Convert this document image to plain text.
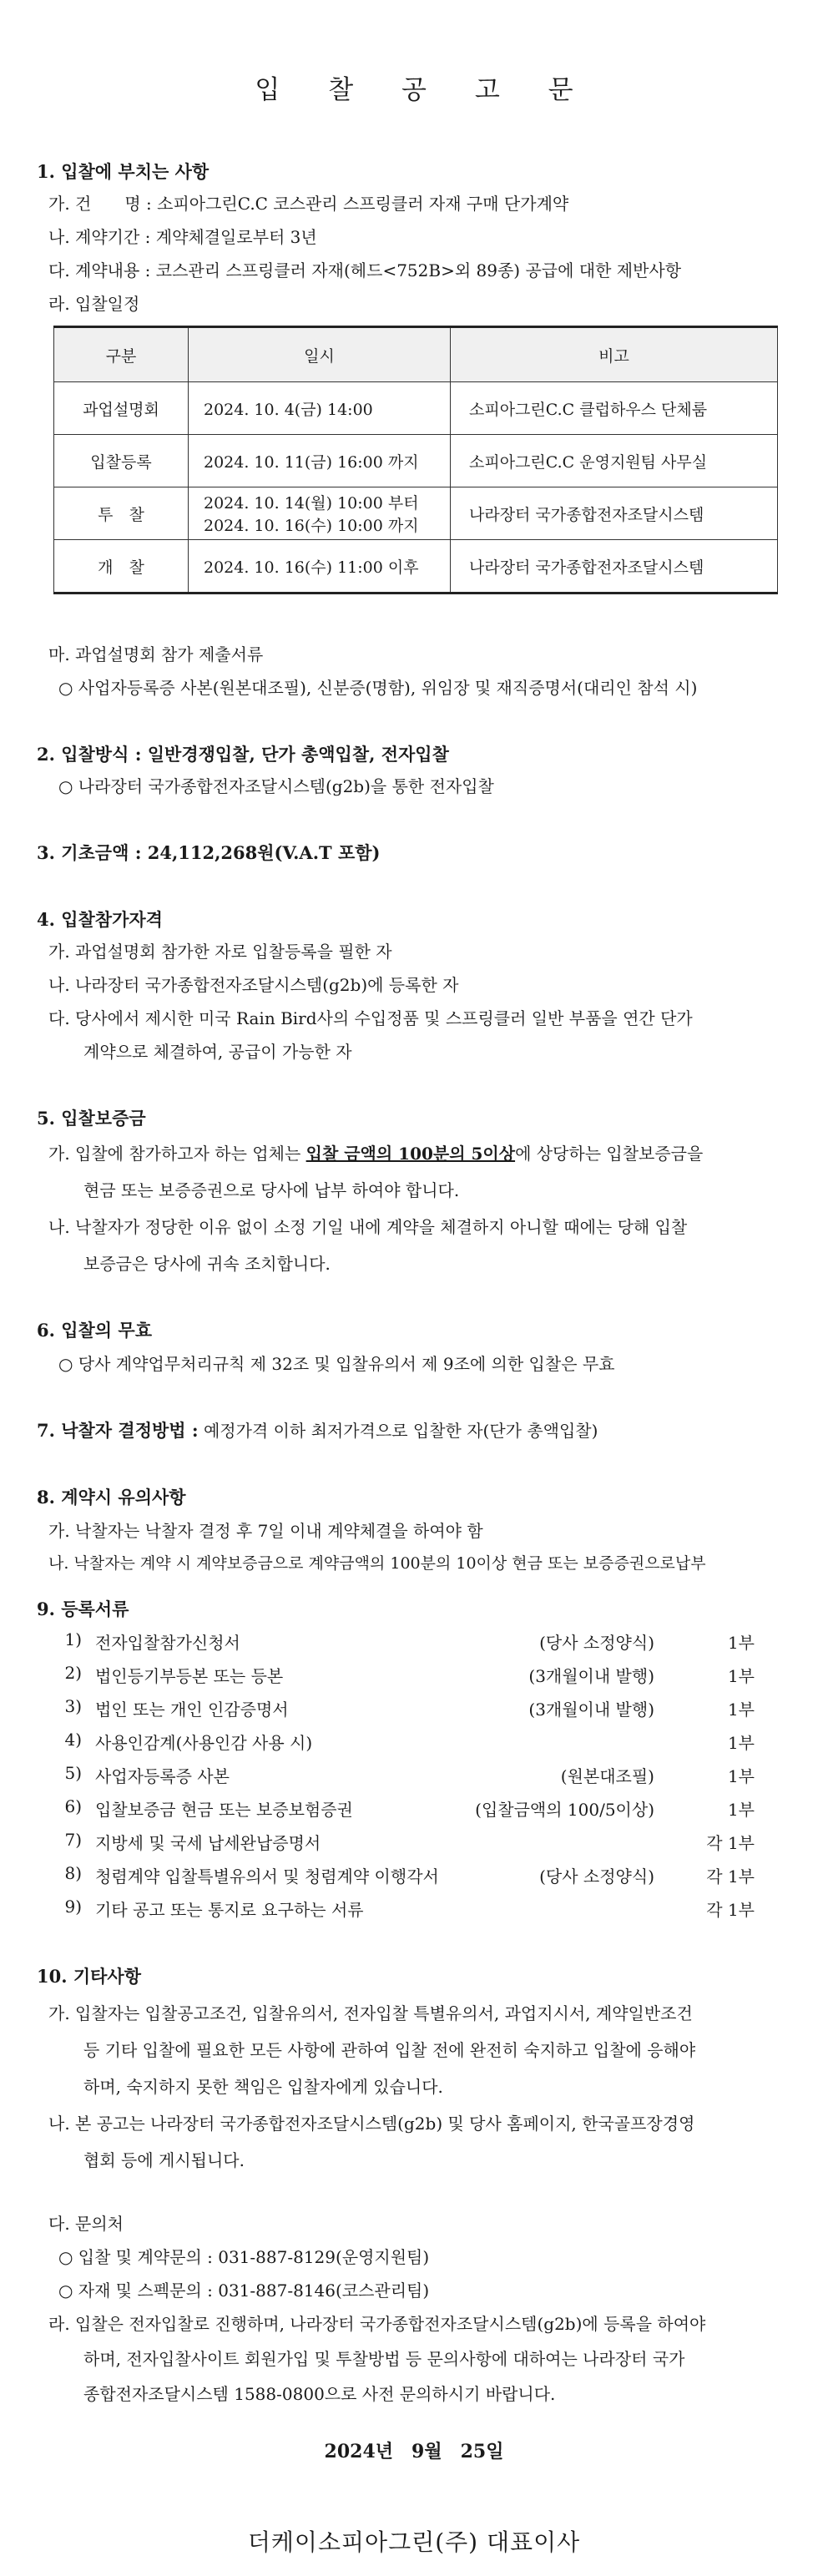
입 찰 공 고 문
1. 입찰에 부치는 사항
가. 건　　명 : 소피아그린C.C 코스관리 스프링클러 자재 구매 단가계약
나. 계약기간 : 계약체결일로부터 3년
다. 계약내용 : 코스관리 스프링클러 자재(헤드<752B>외 89종) 공급에 대한 제반사항
라. 입찰일정
구분	일시	비고
과업설명회	2024. 10. 4(금) 14:00	소피아그린C.C 클럽하우스 단체룸
입찰등록	2024. 10. 11(금) 16:00 까지	소피아그린C.C 운영지원팀 사무실
투　찰	2024. 10. 14(월) 10:00 부터
2024. 10. 16(수) 10:00 까지	나라장터 국가종합전자조달시스템
개　찰	2024. 10. 16(수) 11:00 이후	나라장터 국가종합전자조달시스템
마. 과업설명회 참가 제출서류
○ 사업자등록증 사본(원본대조필), 신분증(명함), 위임장 및 재직증명서(대리인 참석 시)
2. 입찰방식 : 일반경쟁입찰, 단가 총액입찰, 전자입찰
○ 나라장터 국가종합전자조달시스템(g2b)을 통한 전자입찰
3. 기초금액 : 24,112,268원(V.A.T 포함)
4. 입찰참가자격
가. 과업설명회 참가한 자로 입찰등록을 필한 자
나. 나라장터 국가종합전자조달시스템(g2b)에 등록한 자
다. 당사에서 제시한 미국 Rain Bird사의 수입정품 및 스프링클러 일반 부품을 연간 단가
계약으로 체결하여, 공급이 가능한 자
5. 입찰보증금
가. 입찰에 참가하고자 하는 업체는 입찰 금액의 100분의 5이상에 상당하는 입찰보증금을
현금 또는 보증증권으로 당사에 납부 하여야 합니다.
나. 낙찰자가 정당한 이유 없이 소정 기일 내에 계약을 체결하지 아니할 때에는 당해 입찰
보증금은 당사에 귀속 조치합니다.
6. 입찰의 무효
○ 당사 계약업무처리규칙 제 32조 및 입찰유의서 제 9조에 의한 입찰은 무효
7. 낙찰자 결정방법 : 예정가격 이하 최저가격으로 입찰한 자(단가 총액입찰)
8. 계약시 유의사항
가. 낙찰자는 낙찰자 결정 후 7일 이내 계약체결을 하여야 함
나. 낙찰자는 계약 시 계약보증금으로 계약금액의 100분의 10이상 현금 또는 보증증권으로납부
9. 등록서류
1) 전자입찰참가신청서	(당사 소정양식)	1부
2) 법인등기부등본 또는 등본	(3개월이내 발행)	1부
3) 법인 또는 개인 인감증명서	(3개월이내 발행)	1부
4) 사용인감계(사용인감 사용 시)	1부
5) 사업자등록증 사본	(원본대조필)	1부
6) 입찰보증금 현금 또는 보증보험증권	(입찰금액의 100/5이상)	1부
7) 지방세 및 국세 납세완납증명서	각 1부
8) 청렴계약 입찰특별유의서 및 청렴계약 이행각서	(당사 소정양식)	각 1부
9) 기타 공고 또는 통지로 요구하는 서류	각 1부
10. 기타사항
가. 입찰자는 입찰공고조건, 입찰유의서, 전자입찰 특별유의서, 과업지시서, 계약일반조건
등 기타 입찰에 필요한 모든 사항에 관하여 입찰 전에 완전히 숙지하고 입찰에 응해야
하며, 숙지하지 못한 책임은 입찰자에게 있습니다.
나. 본 공고는 나라장터 국가종합전자조달시스템(g2b) 및 당사 홈페이지, 한국골프장경영
협회 등에 게시됩니다.
다. 문의처
○ 입찰 및 계약문의 : 031-887-8129(운영지원팀)
○ 자재 및 스펙문의 : 031-887-8146(코스관리팀)
라. 입찰은 전자입찰로 진행하며, 나라장터 국가종합전자조달시스템(g2b)에 등록을 하여야
하며, 전자입찰사이트 회원가입 및 투찰방법 등 문의사항에 대하여는 나라장터 국가
종합전자조달시스템 1588-0800으로 사전 문의하시기 바랍니다.
2024년　9월　25일
더케이소피아그린(주) 대표이사
